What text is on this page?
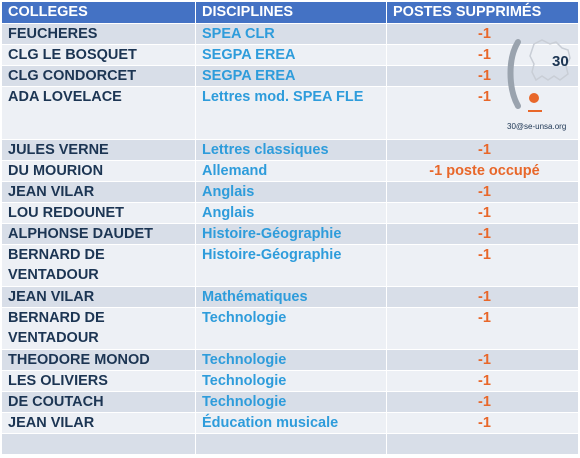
COLLEGES	DISCIPLINES	POSTES SUPPRIMÉS
FEUCHERES	SPEA CLR	-1
CLG LE BOSQUET	SEGPA EREA	-1
CLG CONDORCET	SEGPA EREA	-1
ADA LOVELACE	Lettres mod. SPEA FLE	-1
JULES VERNE	Lettres classiques	-1
DU MOURION	Allemand	-1 poste occupé
JEAN VILAR	Anglais	-1
LOU REDOUNET	Anglais	-1
ALPHONSE DAUDET	Histoire-Géographie	-1
BERNARD DE VENTADOUR	Histoire-Géographie	-1
JEAN VILAR	Mathématiques	-1
BERNARD DE VENTADOUR	Technologie	-1
THEODORE MONOD	Technologie	-1
LES OLIVIERS	Technologie	-1
DE COUTACH	Technologie	-1
JEAN VILAR	Éducation musicale	-1

30
30@se-unsa.org
